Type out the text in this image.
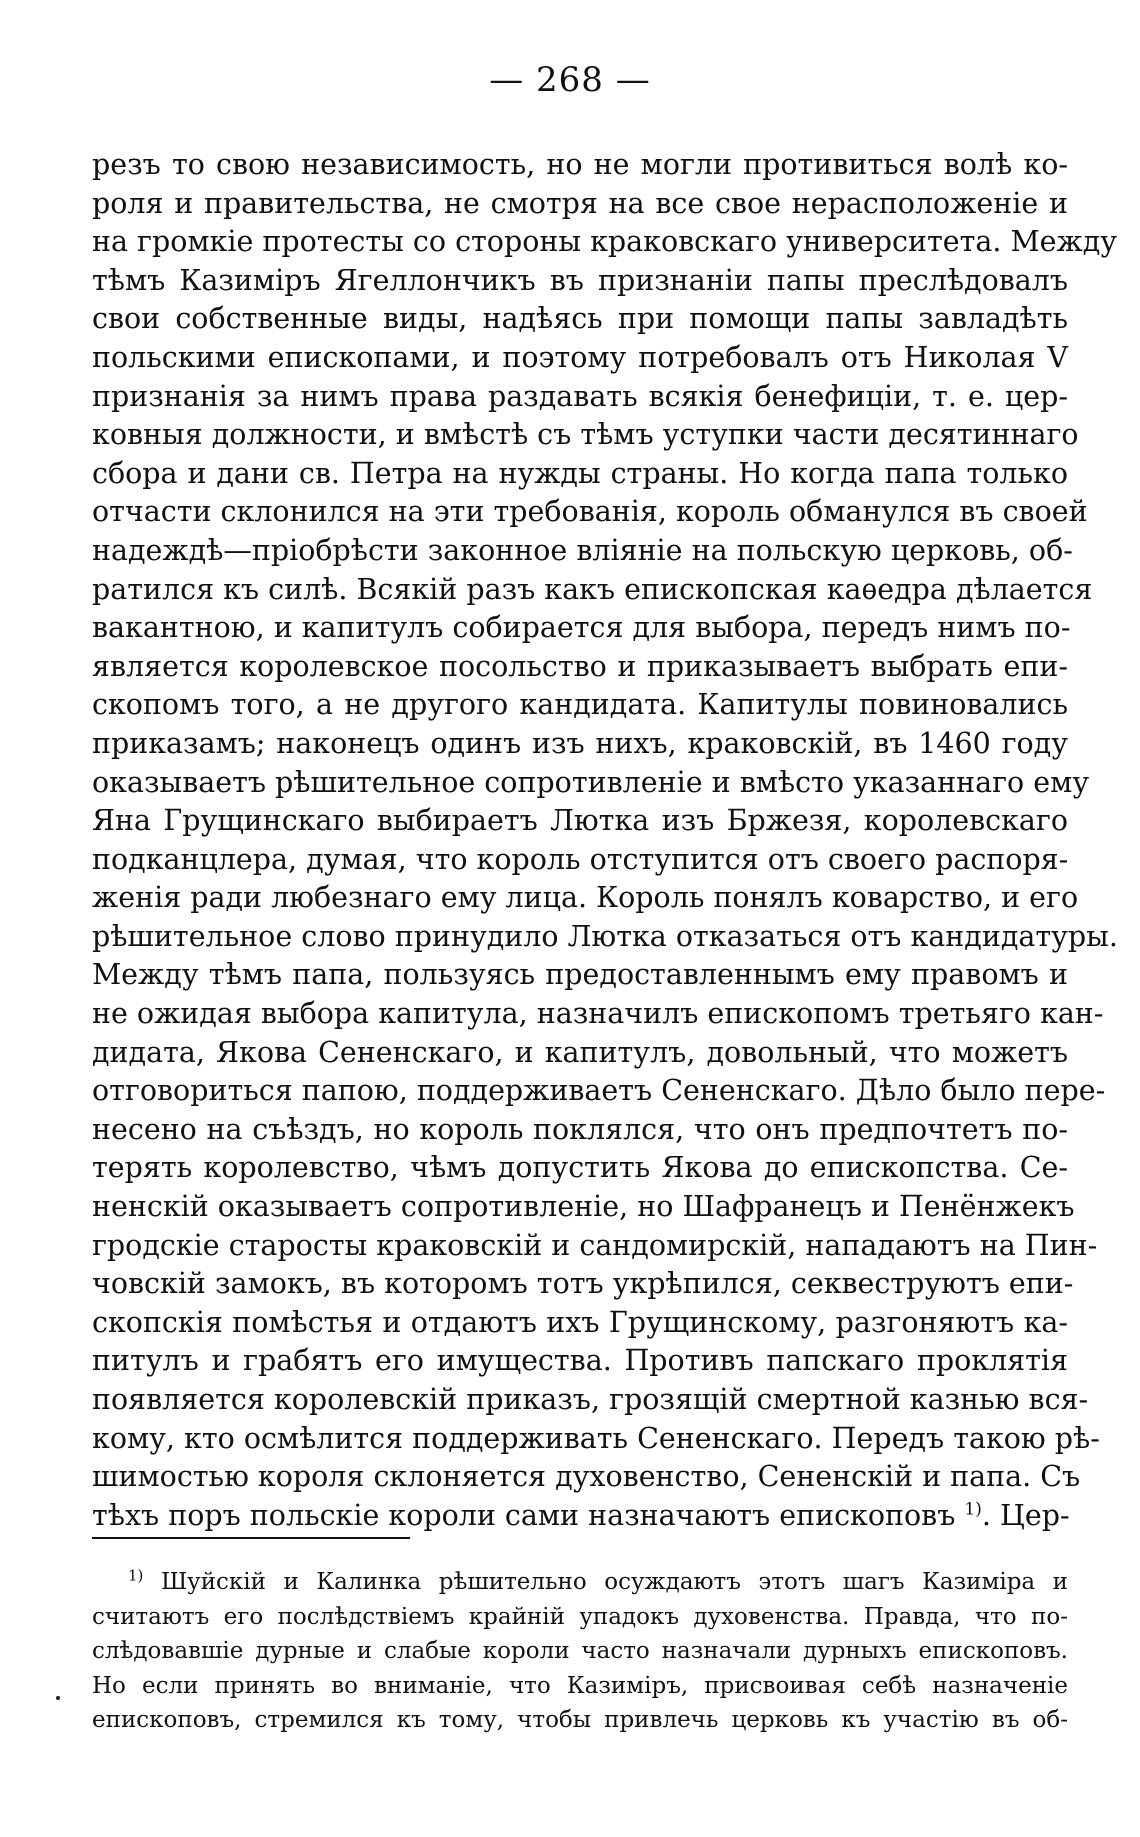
— 268 —
резъ то свою независимость, но не могли противиться волѣ ко-
роля и правительства, не смотря на все свое нерасположеніе и
на громкіе протесты со стороны краковскаго университета. Между
тѣмъ Казиміръ Ягеллончикъ въ признаніи папы преслѣдовалъ
свои собственные виды, надѣясь при помощи папы завладѣть
польскими епископами, и поэтому потребовалъ отъ Николая V
признанія за нимъ права раздавать всякія бенефиціи, т. е. цер-
ковныя должности, и вмѣстѣ съ тѣмъ уступки части десятиннаго
сбора и дани св. Петра на нужды страны. Но когда папа только
отчасти склонился на эти требованія, король обманулся въ своей
надеждѣ—пріобрѣсти законное вліяніе на польскую церковь, об-
ратился къ силѣ. Всякій разъ какъ епископская каѳедра дѣлается
вакантною, и капитулъ собирается для выбора, передъ нимъ по-
является королевское посольство и приказываетъ выбрать епи-
скопомъ того, а не другого кандидата. Капитулы повиновались
приказамъ; наконецъ одинъ изъ нихъ, краковскій, въ 1460 году
оказываетъ рѣшительное сопротивленіе и вмѣсто указаннаго ему
Яна Грущинскаго выбираетъ Лютка изъ Бржезя, королевскаго
подканцлера, думая, что король отступится отъ своего распоря-
женія ради любезнаго ему лица. Король понялъ коварство, и его
рѣшительное слово принудило Лютка отказаться отъ кандидатуры.
Между тѣмъ папа, пользуясь предоставленнымъ ему правомъ и
не ожидая выбора капитула, назначилъ епископомъ третьяго кан-
дидата, Якова Сененскаго, и капитулъ, довольный, что можетъ
отговориться папою, поддерживаетъ Сененскаго. Дѣло было пере-
несено на съѣздъ, но король поклялся, что онъ предпочтетъ по-
терять королевство, чѣмъ допустить Якова до епископства. Се-
ненскій оказываетъ сопротивленіе, но Шафранецъ и Пенёнжекъ
гродскіе старосты краковскій и сандомирскій, нападаютъ на Пин-
човскій замокъ, въ которомъ тотъ укрѣпился, секвеструютъ епи-
скопскія помѣстья и отдаютъ ихъ Грущинскому, разгоняютъ ка-
питулъ и грабятъ его имущества. Противъ папскаго проклятія
появляется королевскій приказъ, грозящій смертной казнью вся-
кому, кто осмѣлится поддерживать Сененскаго. Передъ такою рѣ-
шимостью короля склоняется духовенство, Сененскій и папа. Съ
тѣхъ поръ польскіе короли сами назначаютъ епископовъ $^{1)}$. Цер-
$^{1)}$ Шуйскій и Калинка рѣшительно осуждаютъ этотъ шагъ Казиміра и
считаютъ его послѣдствіемъ крайній упадокъ духовенства. Правда, что по-
слѣдовавшіе дурные и слабые короли часто назначали дурныхъ епископовъ.
Но если принять во вниманіе, что Казиміръ, присвоивая себѣ назначеніе
епископовъ, стремился къ тому, чтобы привлечь церковь къ участію въ об-
